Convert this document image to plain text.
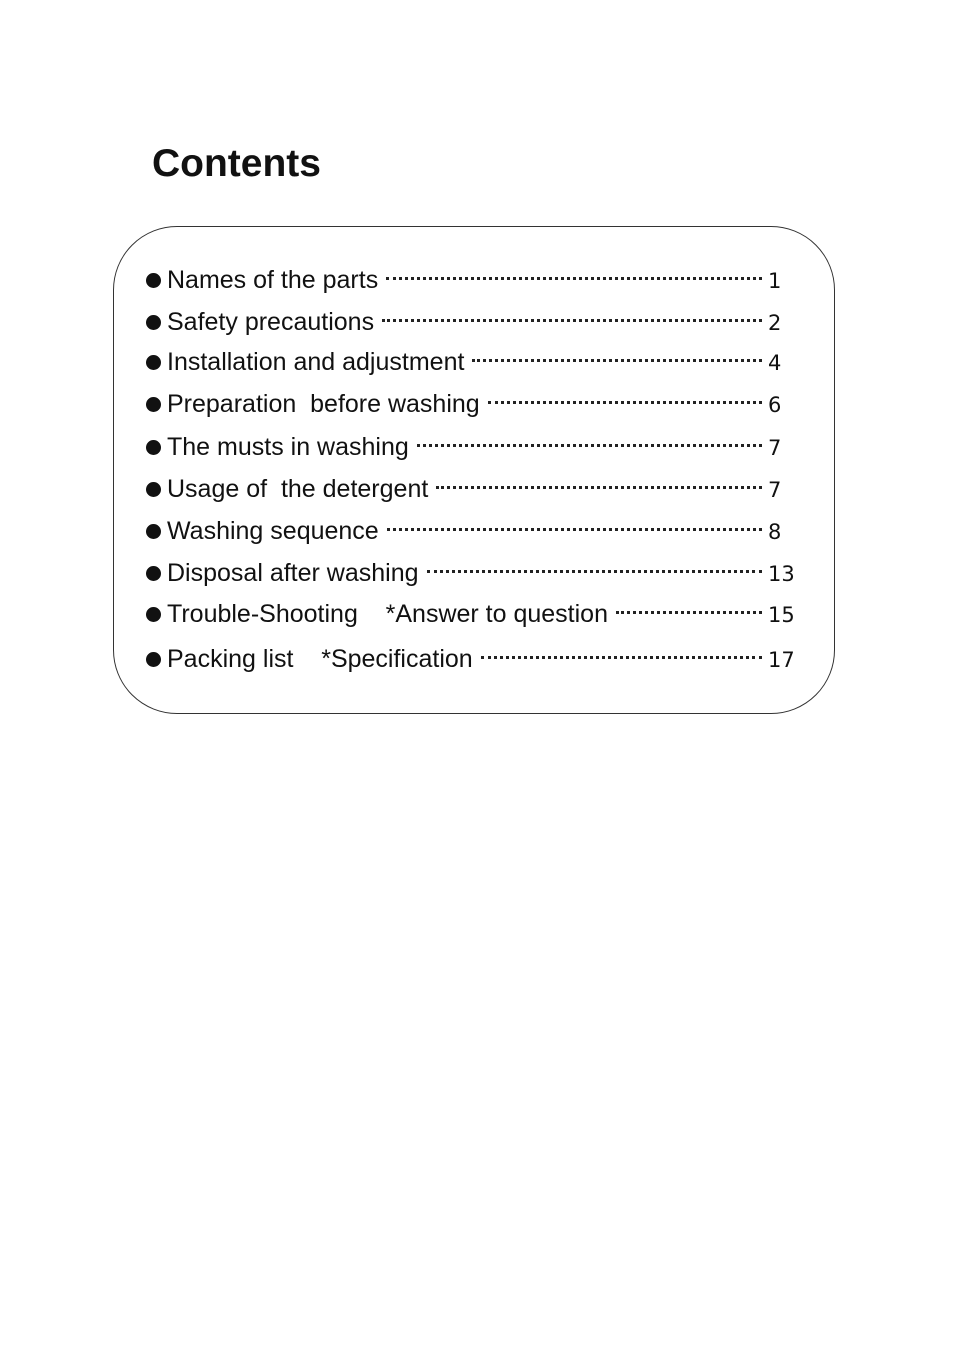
Contents
Names of the parts	1
Safety precautions	2
Installation and adjustment	4
Preparation  before washing	6
The musts in washing	7
Usage of  the detergent	7
Washing sequence	8
Disposal after washing	13
Trouble-Shooting    *Answer to question	15
Packing list    *Specification	17
